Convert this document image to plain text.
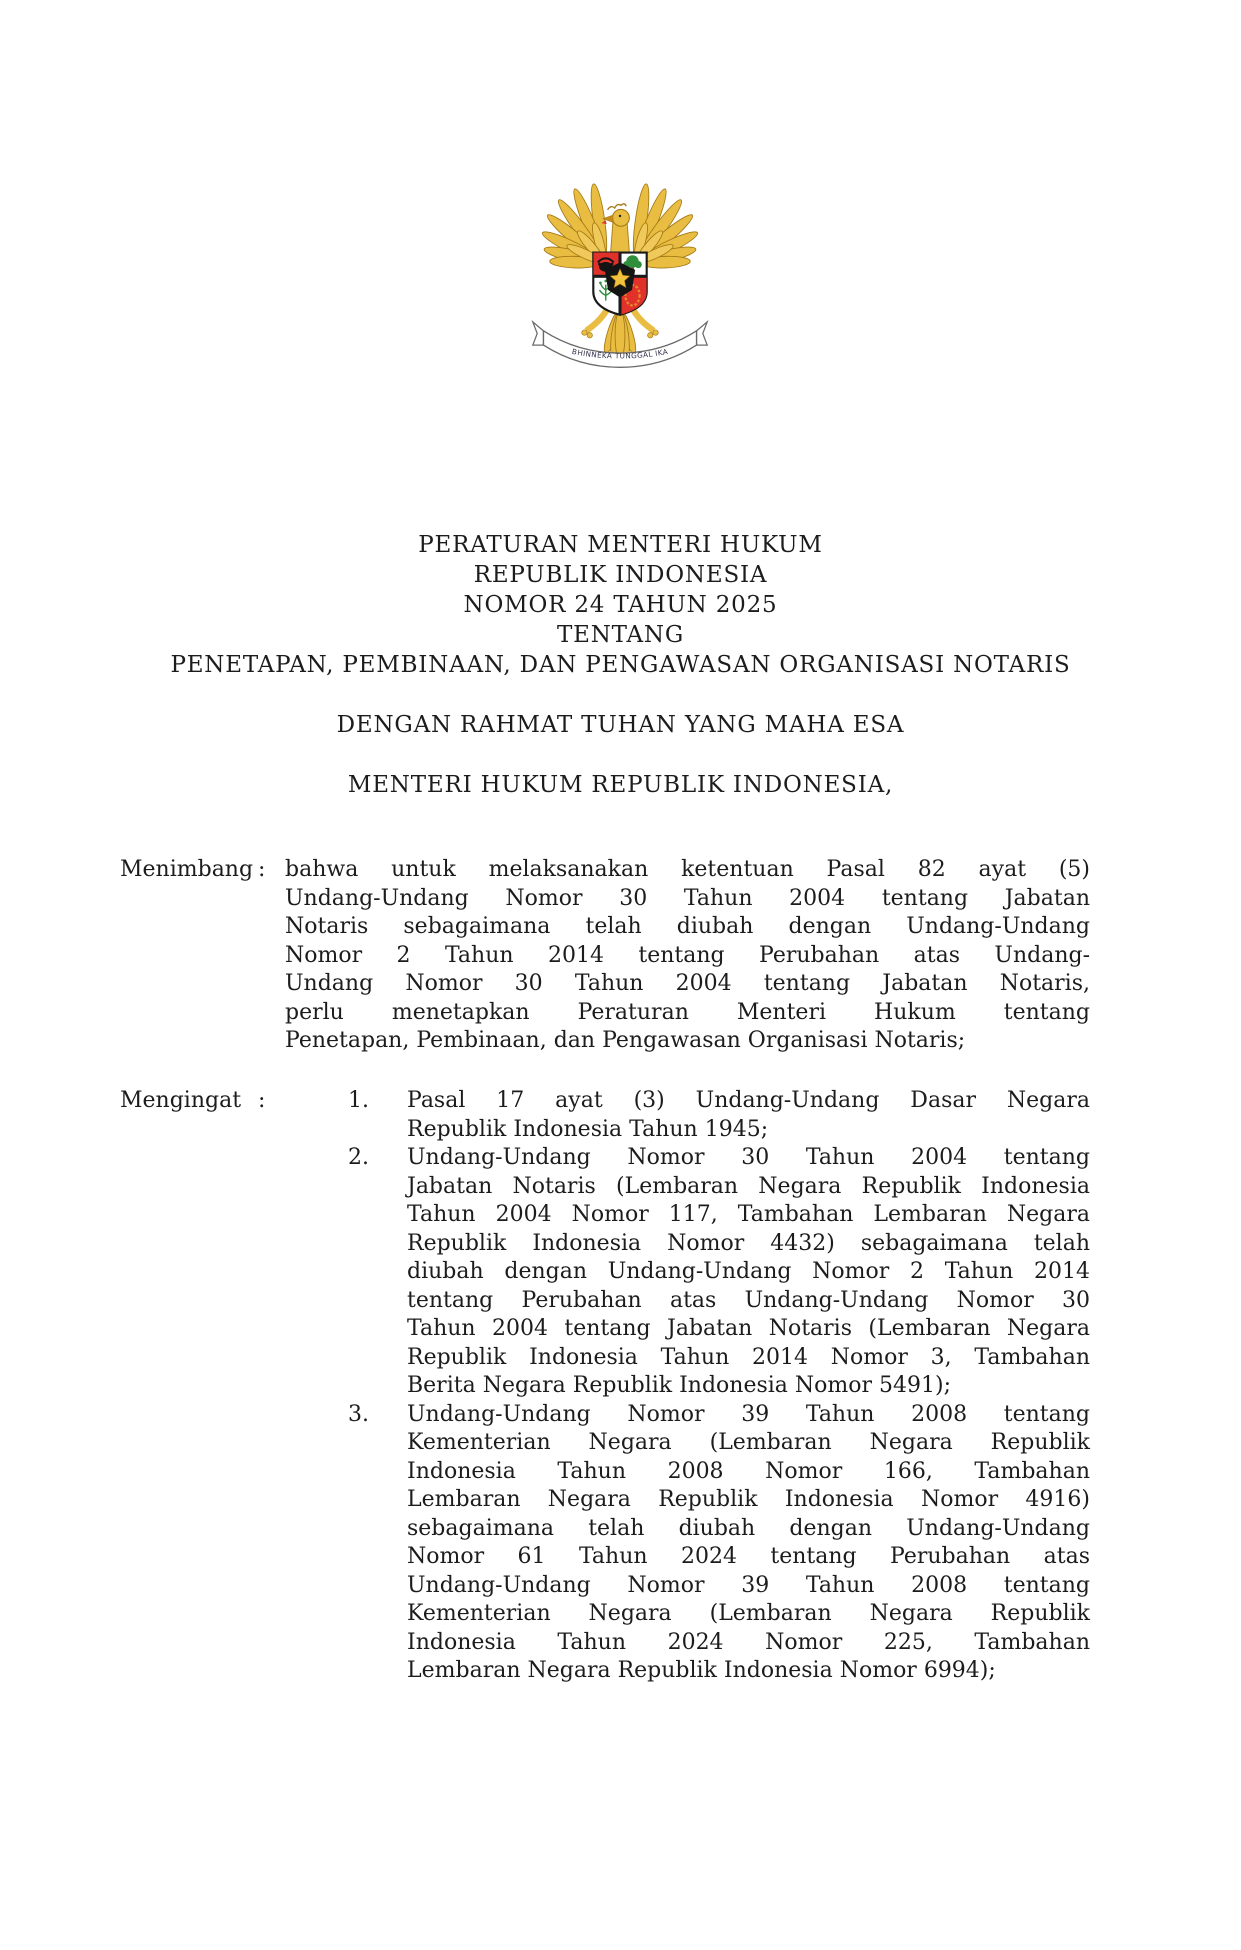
BHINNEKA TUNGGAL IKA
PERATURAN MENTERI HUKUM
REPUBLIK INDONESIA
NOMOR 24 TAHUN 2025
TENTANG
PENETAPAN, PEMBINAAN, DAN PENGAWASAN ORGANISASI NOTARIS
DENGAN RAHMAT TUHAN YANG MAHA ESA
MENTERI HUKUM REPUBLIK INDONESIA,
Menimbang : bahwa untuk melaksanakan ketentuan Pasal 82 ayat (5)
Undang-Undang Nomor 30 Tahun 2004 tentang Jabatan
Notaris sebagaimana telah diubah dengan Undang-Undang
Nomor 2 Tahun 2014 tentang Perubahan atas Undang-
Undang Nomor 30 Tahun 2004 tentang Jabatan Notaris,
perlu menetapkan Peraturan Menteri Hukum tentang
Penetapan, Pembinaan, dan Pengawasan Organisasi Notaris;
Mengingat :	1. Pasal 17 ayat (3) Undang-Undang Dasar Negara
Republik Indonesia Tahun 1945;
2. Undang-Undang Nomor 30 Tahun 2004 tentang
Jabatan Notaris (Lembaran Negara Republik Indonesia
Tahun 2004 Nomor 117, Tambahan Lembaran Negara
Republik Indonesia Nomor 4432) sebagaimana telah
diubah dengan Undang-Undang Nomor 2 Tahun 2014
tentang Perubahan atas Undang-Undang Nomor 30
Tahun 2004 tentang Jabatan Notaris (Lembaran Negara
Republik Indonesia Tahun 2014 Nomor 3, Tambahan
Berita Negara Republik Indonesia Nomor 5491);
3. Undang-Undang Nomor 39 Tahun 2008 tentang
Kementerian Negara (Lembaran Negara Republik
Indonesia Tahun 2008 Nomor 166, Tambahan
Lembaran Negara Republik Indonesia Nomor 4916)
sebagaimana telah diubah dengan Undang-Undang
Nomor 61 Tahun 2024 tentang Perubahan atas
Undang-Undang Nomor 39 Tahun 2008 tentang
Kementerian Negara (Lembaran Negara Republik
Indonesia Tahun 2024 Nomor 225, Tambahan
Lembaran Negara Republik Indonesia Nomor 6994);
